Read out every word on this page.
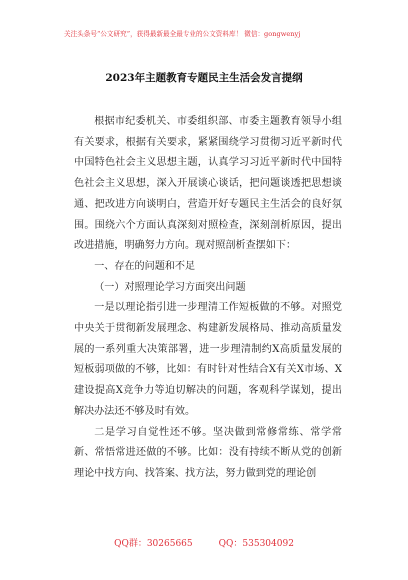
关注头条号“公文研究”，获得最新最全最专业的公文资料库！ 微信：gongwenyj
2023年主题教育专题民主生活会发言提纲

根据市纪委机关、市委组织部、市委主题教育领导小组有关要求，根据有关要求，紧紧围绕学习贯彻习近平新时代中国特色社会主义思想主题，认真学习习近平新时代中国特色社会主义思想，深入开展谈心谈话，把问题谈透把思想谈通、把改进方向谈明白，营造开好专题民主生活会的良好氛围。围绕六个方面认真深刻对照检查，深刻剖析原因，提出改进措施，明确努力方向。现对照剖析查摆如下：

一、存在的问题和不足

（一）对照理论学习方面突出问题

一是以理论指引进一步理清工作短板做的不够。对照党中央关于贯彻新发展理念、构建新发展格局、推动高质量发展的一系列重大决策部署，进一步理清制约X高质量发展的短板弱项做的不够，比如：有时针对性结合X有关X市场、X建设提高X竞争力等迫切解决的问题，客观科学谋划，提出解决办法还不够及时有效。

二是学习自觉性还不够。坚决做到常修常练、常学常新、常悟常进还做的不够。比如：没有持续不断从党的创新理论中找方向、找答案、找方法，努力做到党的理论创

QQ群：30265665	QQ：535304092
